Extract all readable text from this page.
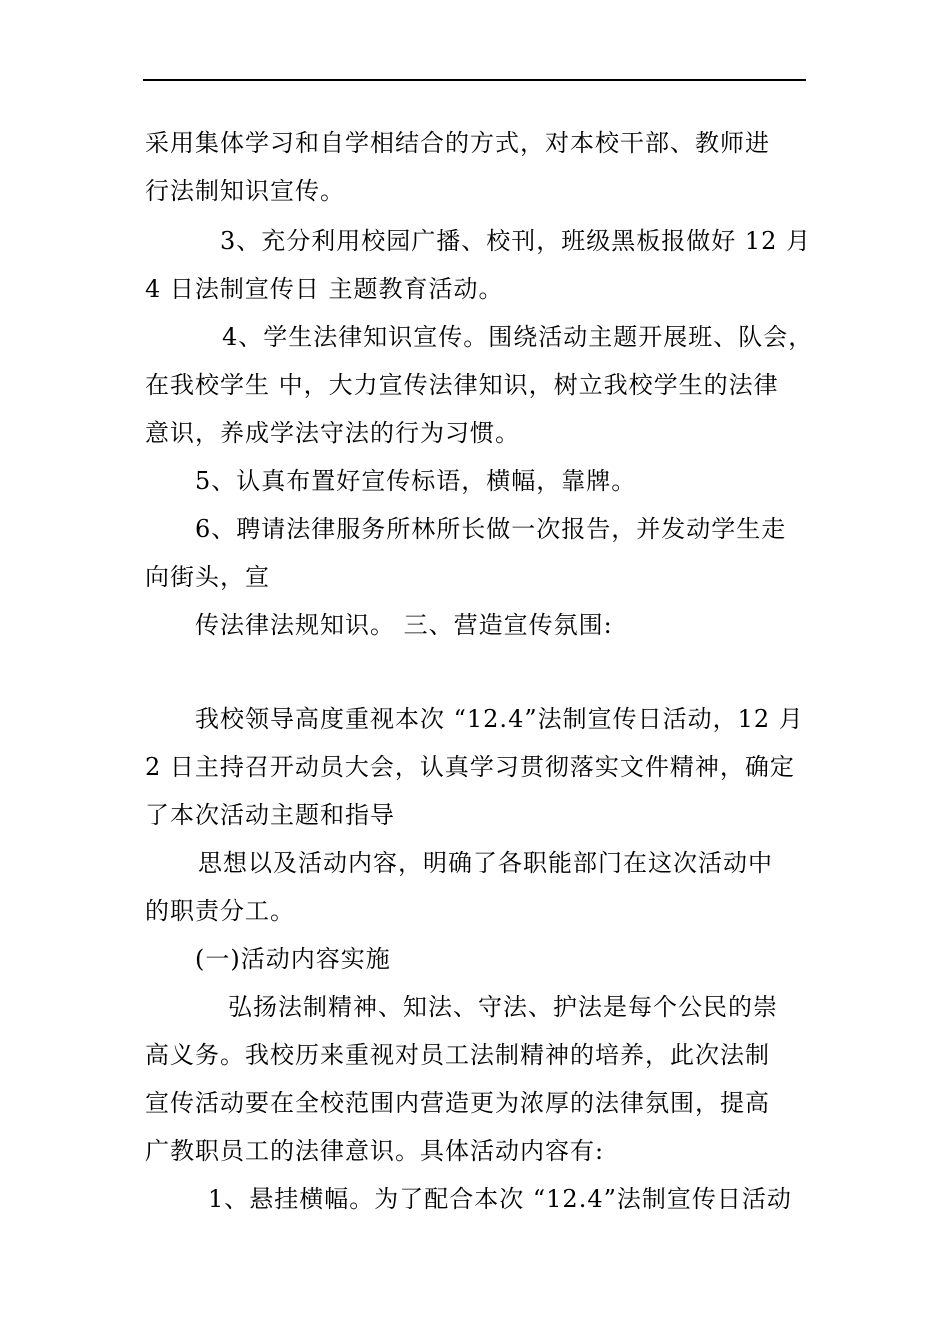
采用集体学习和自学相结合的方式，对本校干部、教师进
行法制知识宣传。
3、充分利用校园广播、校刊，班级黑板报做好 12 月
4 日法制宣传日 主题教育活动。
4、学生法律知识宣传。围绕活动主题开展班、队会，
在我校学生 中，大力宣传法律知识，树立我校学生的法律
意识，养成学法守法的行为习惯。
5、认真布置好宣传标语，横幅，靠牌。
6、聘请法律服务所林所长做一次报告，并发动学生走
向街头，宣
传法律法规知识。 三、营造宣传氛围:
我校领导高度重视本次 “12.4”法制宣传日活动，12 月
2 日主持召开动员大会，认真学习贯彻落实文件精神，确定
了本次活动主题和指导
思想以及活动内容，明确了各职能部门在这次活动中
的职责分工。
(一)活动内容实施
弘扬法制精神、知法、守法、护法是每个公民的崇
高义务。我校历来重视对员工法制精神的培养，此次法制
宣传活动要在全校范围内营造更为浓厚的法律氛围，提高
广教职员工的法律意识。具体活动内容有:
1、悬挂横幅。为了配合本次 “12.4”法制宣传日活动
